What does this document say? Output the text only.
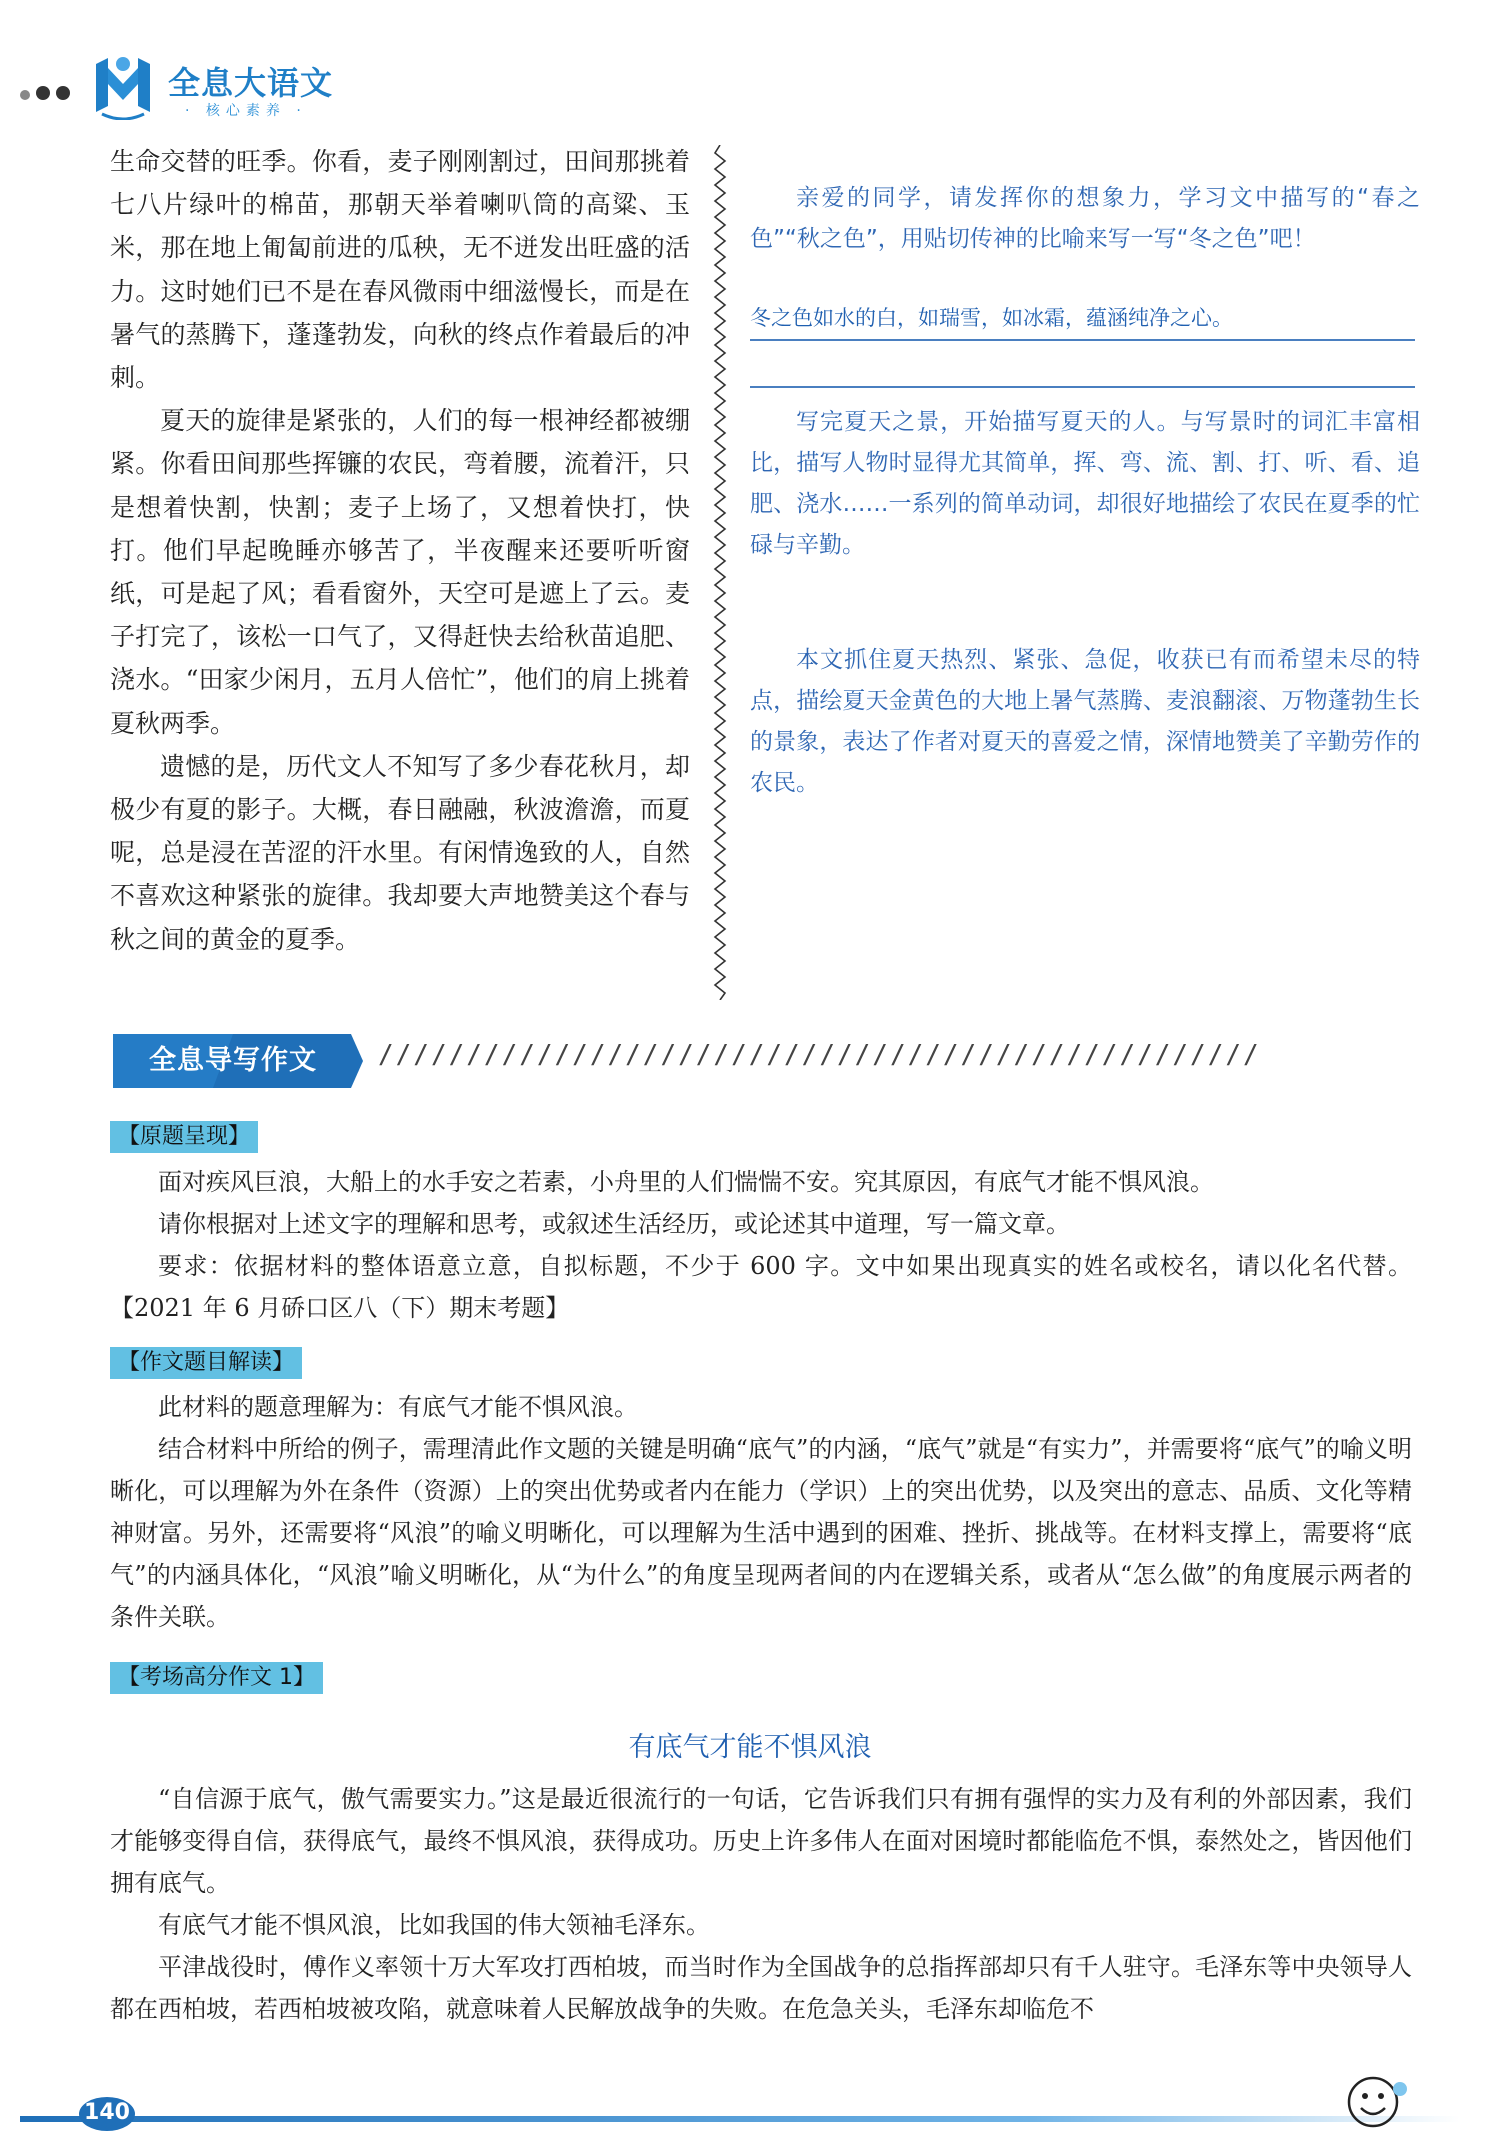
全息大语文
· 核心素养 ·

生命交替的旺季。你看，麦子刚刚割过，田间那挑着七八片绿叶的棉苗，那朝天举着喇叭筒的高粱、玉米，那在地上匍匐前进的瓜秧，无不迸发出旺盛的活力。这时她们已不是在春风微雨中细滋慢长，而是在暑气的蒸腾下，蓬蓬勃发，向秋的终点作着最后的冲刺。

夏天的旋律是紧张的，人们的每一根神经都被绷紧。你看田间那些挥镰的农民，弯着腰，流着汗，只是想着快割，快割；麦子上场了，又想着快打，快打。他们早起晚睡亦够苦了，半夜醒来还要听听窗纸，可是起了风；看看窗外，天空可是遮上了云。麦子打完了，该松一口气了，又得赶快去给秋苗追肥、浇水。“田家少闲月，五月人倍忙”，他们的肩上挑着夏秋两季。

遗憾的是，历代文人不知写了多少春花秋月，却极少有夏的影子。大概，春日融融，秋波澹澹，而夏呢，总是浸在苦涩的汗水里。有闲情逸致的人，自然不喜欢这种紧张的旋律。我却要大声地赞美这个春与秋之间的黄金的夏季。

亲爱的同学，请发挥你的想象力，学习文中描写的“春之色”“秋之色”，用贴切传神的比喻来写一写“冬之色”吧！

冬之色如水的白，如瑞雪，如冰霜，蕴涵纯净之心。

写完夏天之景，开始描写夏天的人。与写景时的词汇丰富相比，描写人物时显得尤其简单，挥、弯、流、割、打、听、看、追肥、浇水……一系列的简单动词，却很好地描绘了农民在夏季的忙碌与辛勤。

本文抓住夏天热烈、紧张、急促，收获已有而希望未尽的特点，描绘夏天金黄色的大地上暑气蒸腾、麦浪翻滚、万物蓬勃生长的景象，表达了作者对夏天的喜爱之情，深情地赞美了辛勤劳作的农民。

全息导写作文	//////////////////////////////////////////////////
【原题呈现】

面对疾风巨浪，大船上的水手安之若素，小舟里的人们惴惴不安。究其原因，有底气才能不惧风浪。

请你根据对上述文字的理解和思考，或叙述生活经历，或论述其中道理，写一篇文章。

要求：依据材料的整体语意立意，自拟标题，不少于 600 字。文中如果出现真实的姓名或校名，请以化名代替。【2021 年 6 月硚口区八（下）期末考题】

【作文题目解读】

此材料的题意理解为：有底气才能不惧风浪。

结合材料中所给的例子，需理清此作文题的关键是明确“底气”的内涵，“底气”就是“有实力”，并需要将“底气”的喻义明晰化，可以理解为外在条件（资源）上的突出优势或者内在能力（学识）上的突出优势，以及突出的意志、品质、文化等精神财富。另外，还需要将“风浪”的喻义明晰化，可以理解为生活中遇到的困难、挫折、挑战等。在材料支撑上，需要将“底气”的内涵具体化，“风浪”喻义明晰化，从“为什么”的角度呈现两者间的内在逻辑关系，或者从“怎么做”的角度展示两者的条件关联。

【考场高分作文 1】
有底气才能不惧风浪

“自信源于底气，傲气需要实力。”这是最近很流行的一句话，它告诉我们只有拥有强悍的实力及有利的外部因素，我们才能够变得自信，获得底气，最终不惧风浪，获得成功。历史上许多伟人在面对困境时都能临危不惧，泰然处之，皆因他们拥有底气。

有底气才能不惧风浪，比如我国的伟大领袖毛泽东。

平津战役时，傅作义率领十万大军攻打西柏坡，而当时作为全国战争的总指挥部却只有千人驻守。毛泽东等中央领导人都在西柏坡，若西柏坡被攻陷，就意味着人民解放战争的失败。在危急关头，毛泽东却临危不

140
